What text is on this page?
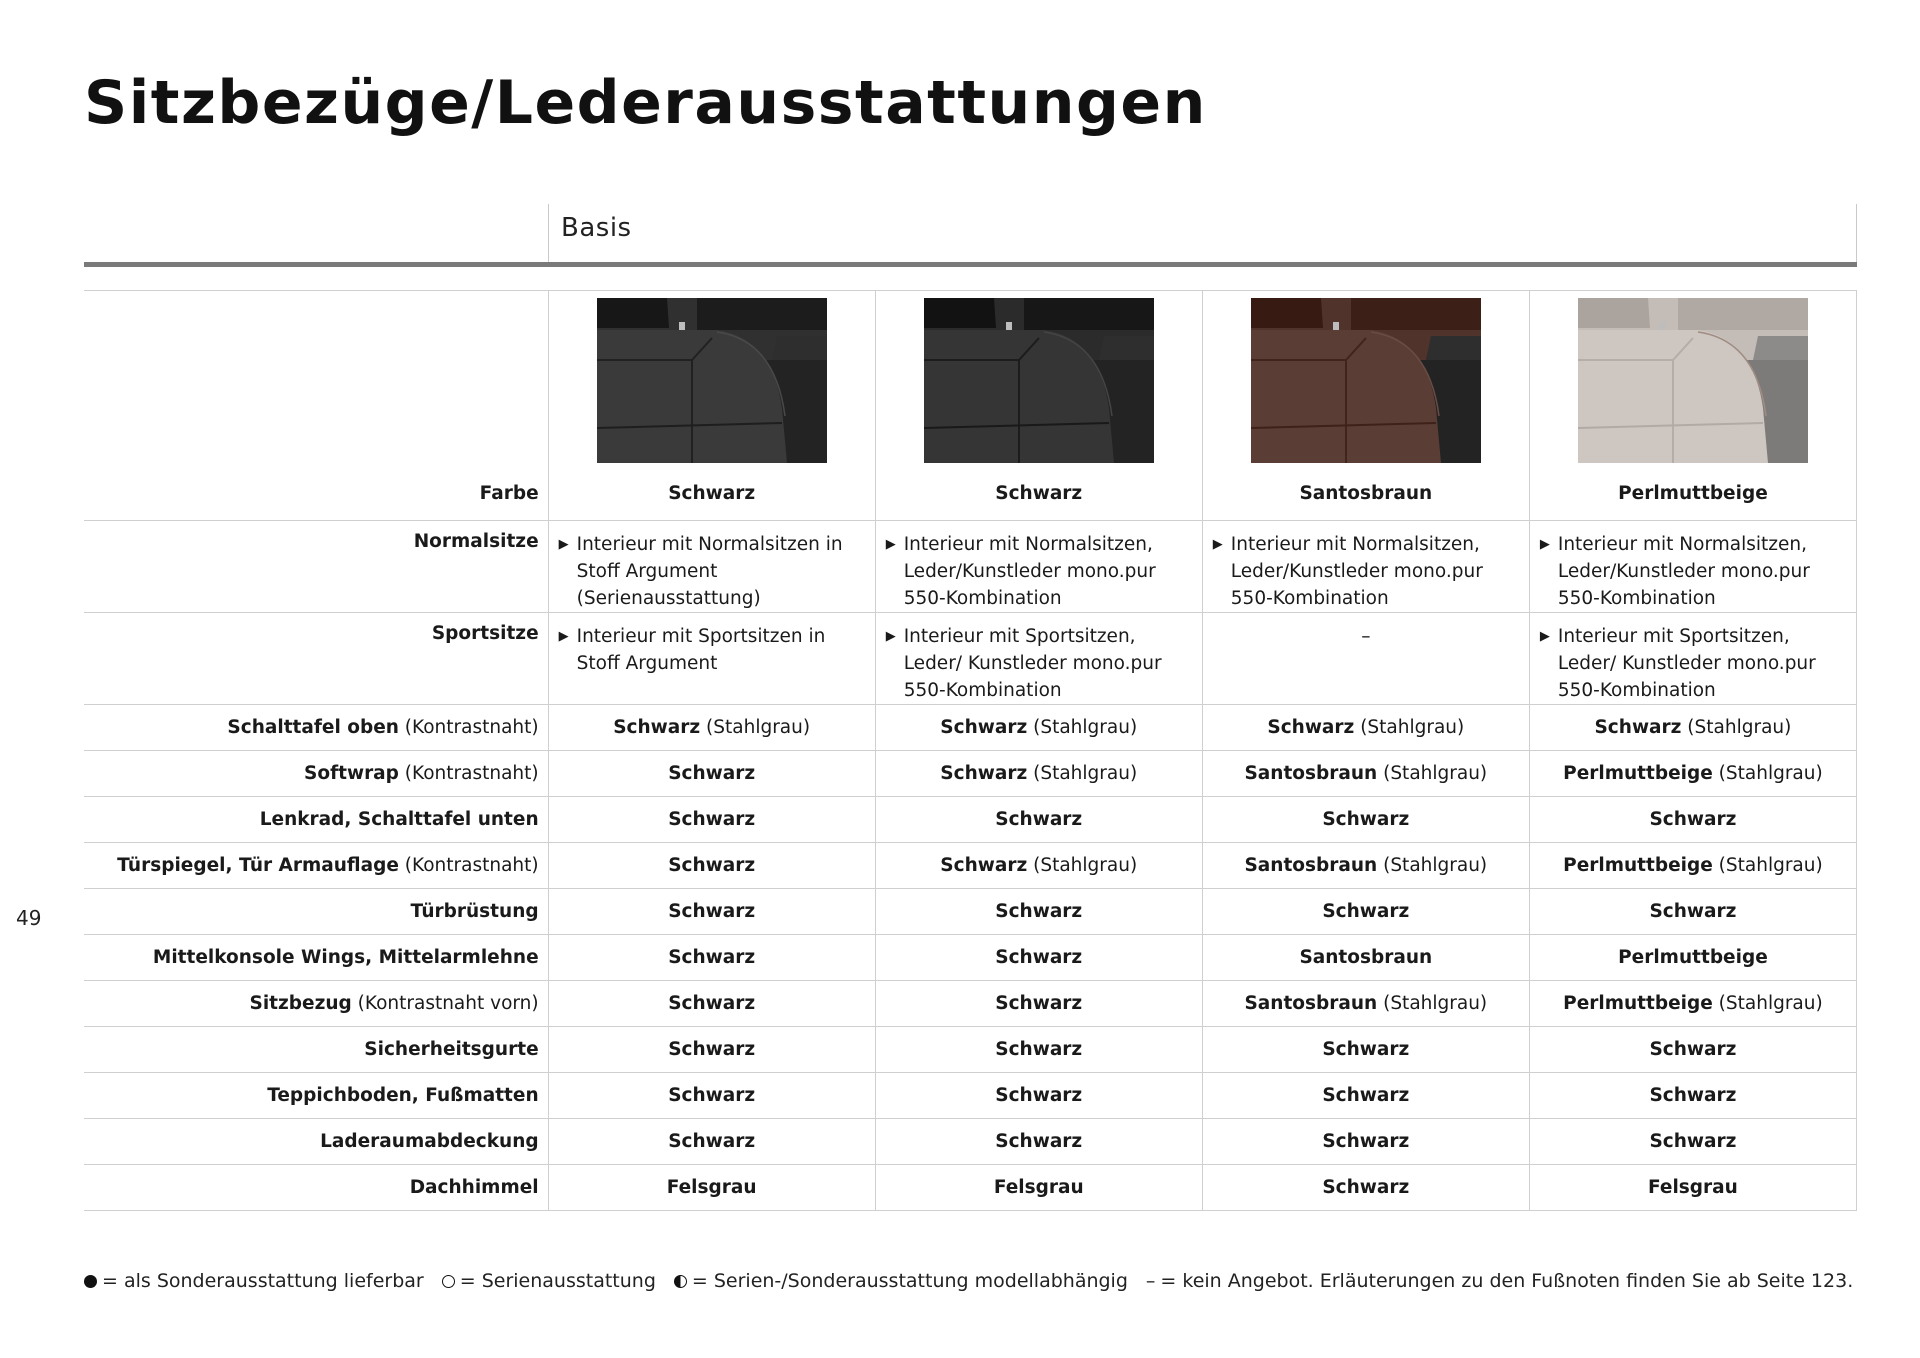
Sitzbezüge/Lederausstattungen
49
Basis
Farbe	Schwarz	Schwarz	Santosbraun	Perlmuttbeige

Normalsitze	▶ Interieur mit Normalsitzen in Stoff Argument (Serienausstattung)	▶ Interieur mit Normalsitzen, Leder/Kunstleder mono.pur 550-Kombination	▶ Interieur mit Normalsitzen, Leder/Kunstleder mono.pur 550-Kombination	▶ Interieur mit Normalsitzen, Leder/Kunstleder mono.pur 550-Kombination

Sportsitze	▶ Interieur mit Sportsitzen in Stoff Argument	▶ Interieur mit Sportsitzen, Leder/ Kunstleder mono.pur 550-Kombination	–	▶ Interieur mit Sportsitzen, Leder/ Kunstleder mono.pur 550-Kombination

Schalttafel oben (Kontrastnaht)	Schwarz (Stahlgrau)	Schwarz (Stahlgrau)	Schwarz (Stahlgrau)	Schwarz (Stahlgrau)
Softwrap (Kontrastnaht)	Schwarz	Schwarz (Stahlgrau)	Santosbraun (Stahlgrau)	Perlmuttbeige (Stahlgrau)
Lenkrad, Schalttafel unten	Schwarz	Schwarz	Schwarz	Schwarz
Türspiegel, Tür Armauflage (Kontrastnaht)	Schwarz	Schwarz (Stahlgrau)	Santosbraun (Stahlgrau)	Perlmuttbeige (Stahlgrau)
Türbrüstung	Schwarz	Schwarz	Schwarz	Schwarz
Mittelkonsole Wings, Mittelarmlehne	Schwarz	Schwarz	Santosbraun	Perlmuttbeige
Sitzbezug (Kontrastnaht vorn)	Schwarz	Schwarz	Santosbraun (Stahlgrau)	Perlmuttbeige (Stahlgrau)
Sicherheitsgurte	Schwarz	Schwarz	Schwarz	Schwarz
Teppichboden, Fußmatten	Schwarz	Schwarz	Schwarz	Schwarz
Laderaumabdeckung	Schwarz	Schwarz	Schwarz	Schwarz
Dachhimmel	Felsgrau	Felsgrau	Schwarz	Felsgrau
= als Sonderausstattung lieferbar = Serienausstattung = Serien-/Sonderausstattung modellabhängig – = kein Angebot. Erläuterungen zu den Fußnoten finden Sie ab Seite 123.
